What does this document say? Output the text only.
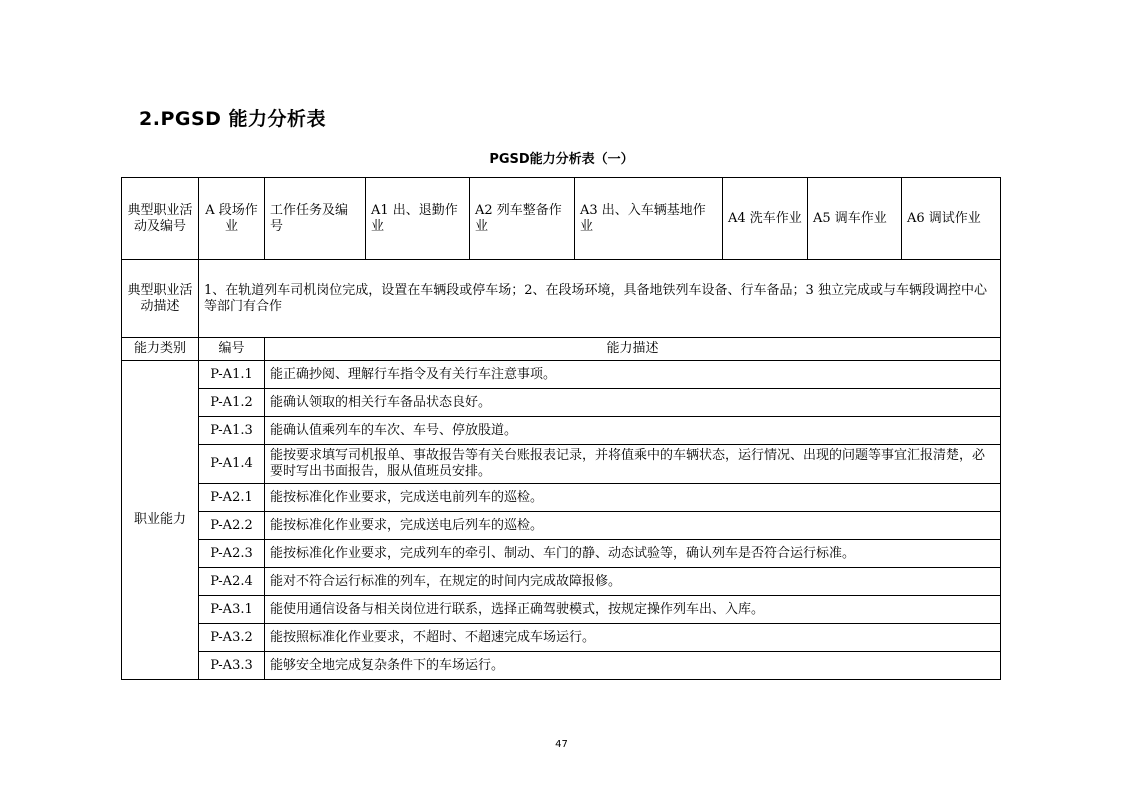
2.PGSD 能力分析表
PGSD能力分析表（一）
典型职业活动及编号	A 段场作业	工作任务及编号	A1 出、退勤作业	A2 列车整备作业	A3 出、入车辆基地作业	A4 洗车作业	A5 调车作业	A6 调试作业
典型职业活动描述	1、在轨道列车司机岗位完成，设置在车辆段或停车场；2、在段场环境，具备地铁列车设备、行车备品；3 独立完成或与车辆段调控中心等部门有合作							
能力类别	编号	能力描述						
职业能力	P-A1.1	能正确抄阅、理解行车指令及有关行车注意事项。						
	P-A1.2	能确认领取的相关行车备品状态良好。						
	P-A1.3	能确认值乘列车的车次、车号、停放股道。						
	P-A1.4	能按要求填写司机报单、事故报告等有关台账报表记录，并将值乘中的车辆状态，运行情况、出现的问题等事宜汇报清楚，必要时写出书面报告，服从值班员安排。						
	P-A2.1	能按标准化作业要求，完成送电前列车的巡检。						
	P-A2.2	能按标准化作业要求，完成送电后列车的巡检。						
	P-A2.3	能按标准化作业要求，完成列车的牵引、制动、车门的静、动态试验等，确认列车是否符合运行标准。						
	P-A2.4	能对不符合运行标准的列车，在规定的时间内完成故障报修。						
	P-A3.1	能使用通信设备与相关岗位进行联系，选择正确驾驶模式，按规定操作列车出、入库。						
	P-A3.2	能按照标准化作业要求，不超时、不超速完成车场运行。						
	P-A3.3	能够安全地完成复杂条件下的车场运行。						
47
